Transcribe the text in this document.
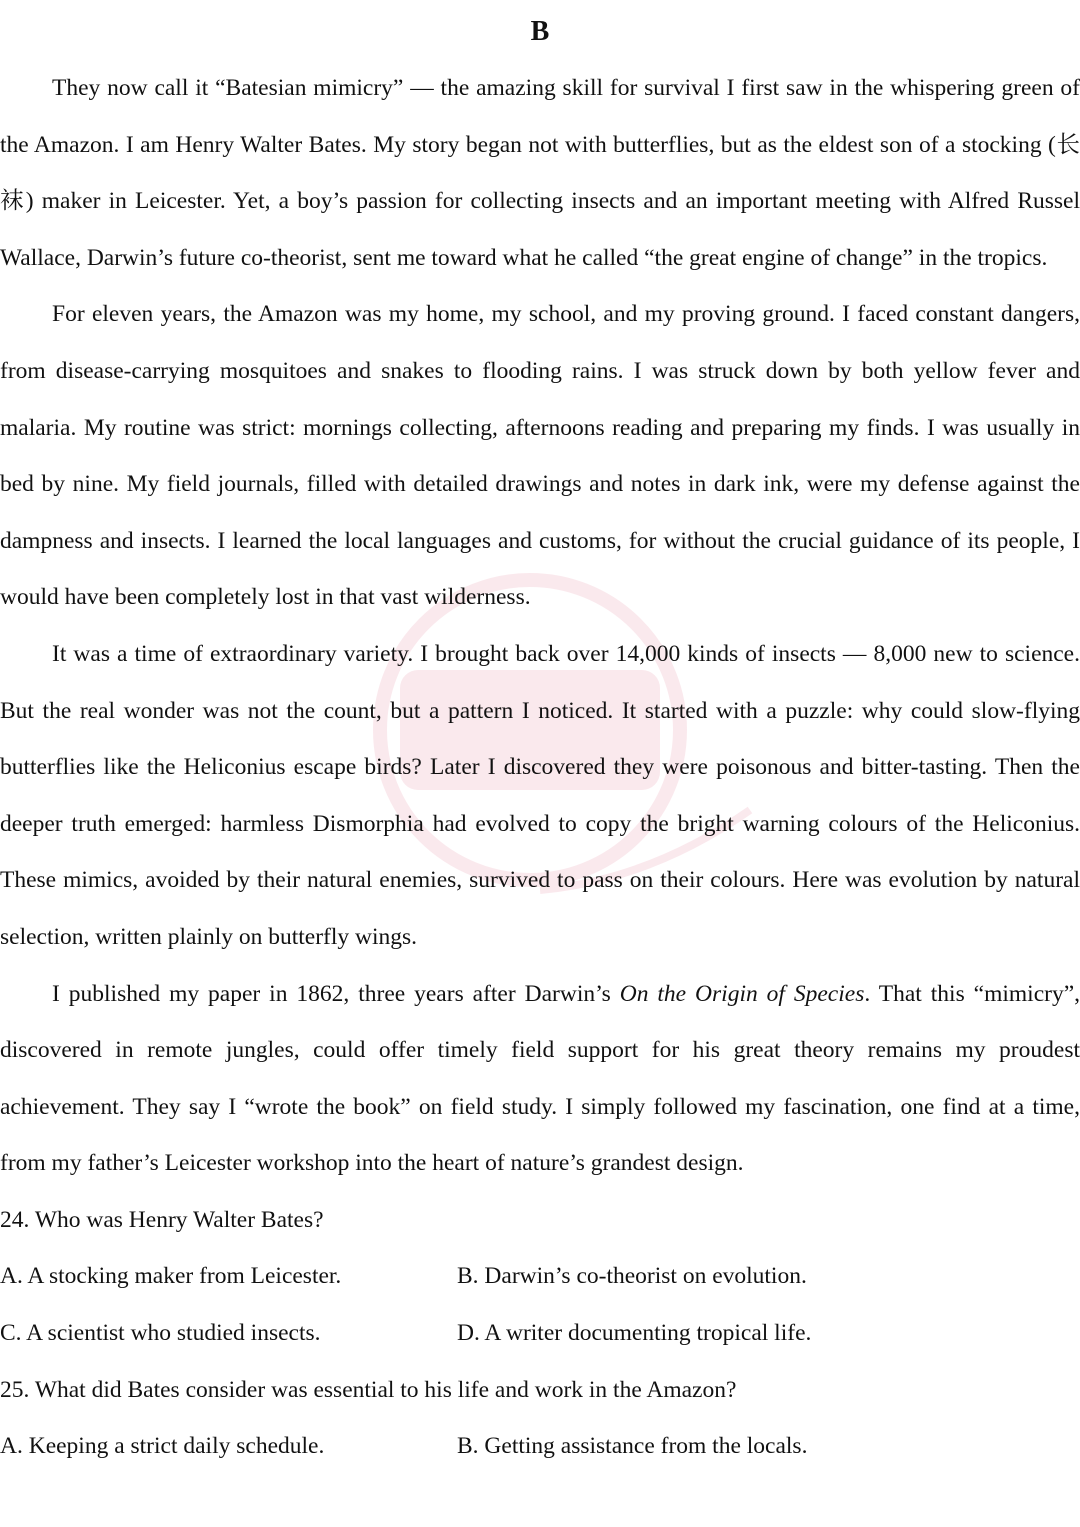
B

They now call it “Batesian mimicry” — the amazing skill for survival I first saw in the whispering green of the Amazon. I am Henry Walter Bates. My story began not with butterflies, but as the eldest son of a stocking (长袜) maker in Leicester. Yet, a boy’s passion for collecting insects and an important meeting with Alfred Russel Wallace, Darwin’s future co-theorist, sent me toward what he called “the great engine of change” in the tropics.

For eleven years, the Amazon was my home, my school, and my proving ground. I faced constant dangers, from disease-carrying mosquitoes and snakes to flooding rains. I was struck down by both yellow fever and malaria. My routine was strict: mornings collecting, afternoons reading and preparing my finds. I was usually in bed by nine. My field journals, filled with detailed drawings and notes in dark ink, were my defense against the dampness and insects. I learned the local languages and customs, for without the crucial guidance of its people, I would have been completely lost in that vast wilderness.

It was a time of extraordinary variety. I brought back over 14,000 kinds of insects — 8,000 new to science. But the real wonder was not the count, but a pattern I noticed. It started with a puzzle: why could slow-flying butterflies like the Heliconius escape birds? Later I discovered they were poisonous and bitter-tasting. Then the deeper truth emerged: harmless Dismorphia had evolved to copy the bright warning colours of the Heliconius. These mimics, avoided by their natural enemies, survived to pass on their colours. Here was evolution by natural selection, written plainly on butterfly wings.

I published my paper in 1862, three years after Darwin’s On the Origin of Species. That this “mimicry”, discovered in remote jungles, could offer timely field support for his great theory remains my proudest achievement. They say I “wrote the book” on field study. I simply followed my fascination, one find at a time, from my father’s Leicester workshop into the heart of nature’s grandest design.

24. Who was Henry Walter Bates?

A. A stocking maker from Leicester.	B. Darwin’s co-theorist on evolution.
C. A scientist who studied insects.	D. A writer documenting tropical life.

25. What did Bates consider was essential to his life and work in the Amazon?

A. Keeping a strict daily schedule.	B. Getting assistance from the locals.
